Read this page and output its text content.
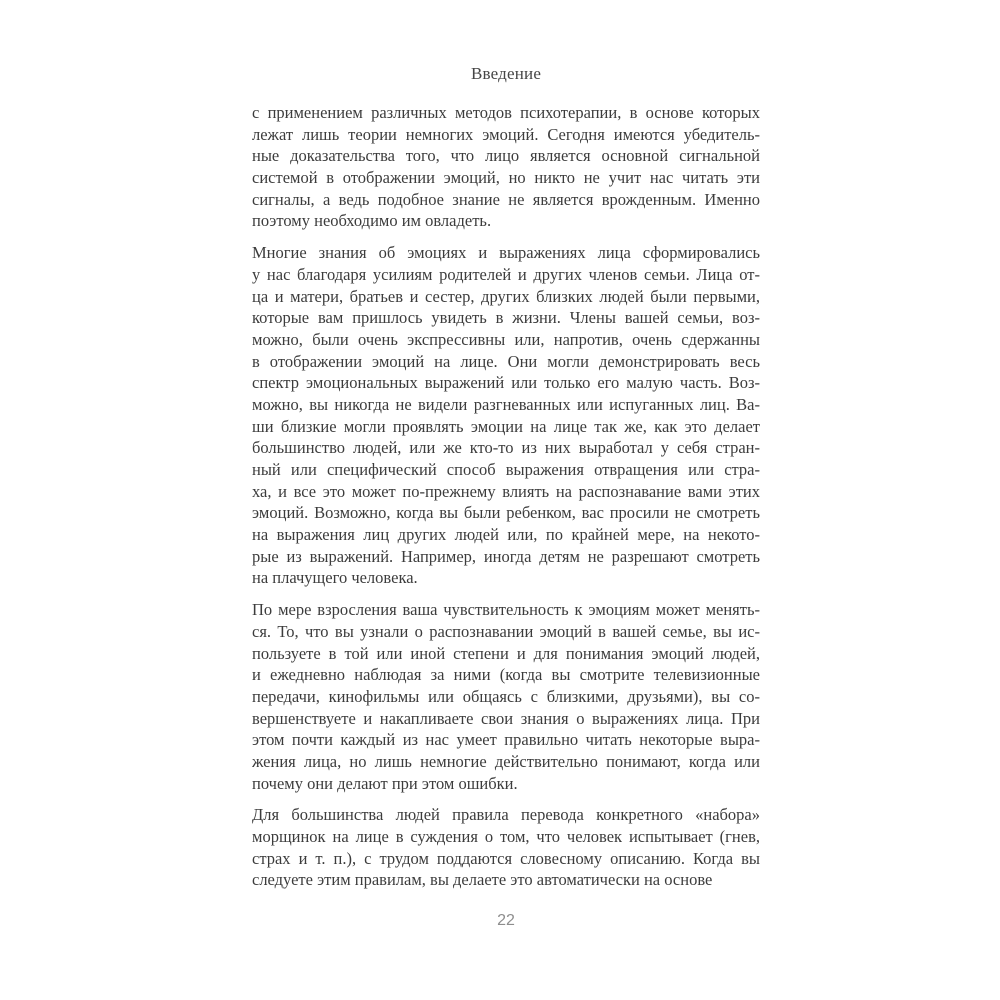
Введение
с применением различных методов психотерапии, в основе которых
лежат лишь теории немногих эмоций. Сегодня имеются убедитель-
ные доказательства того, что лицо является основной сигнальной
системой в отображении эмоций, но никто не учит нас читать эти
сигналы, а ведь подобное знание не является врожденным. Именно
поэтому необходимо им овладеть.
Многие знания об эмоциях и выражениях лица сформировались
у нас благодаря усилиям родителей и других членов семьи. Лица от-
ца и матери, братьев и сестер, других близких людей были первыми,
которые вам пришлось увидеть в жизни. Члены вашей семьи, воз-
можно, были очень экспрессивны или, напротив, очень сдержанны
в отображении эмоций на лице. Они могли демонстрировать весь
спектр эмоциональных выражений или только его малую часть. Воз-
можно, вы никогда не видели разгневанных или испуганных лиц. Ва-
ши близкие могли проявлять эмоции на лице так же, как это делает
большинство людей, или же кто-то из них выработал у себя стран-
ный или специфический способ выражения отвращения или стра-
ха, и все это может по-прежнему влиять на распознавание вами этих
эмоций. Возможно, когда вы были ребенком, вас просили не смотреть
на выражения лиц других людей или, по крайней мере, на некото-
рые из выражений. Например, иногда детям не разрешают смотреть
на плачущего человека.
По мере взросления ваша чувствительность к эмоциям может менять-
ся. То, что вы узнали о распознавании эмоций в вашей семье, вы ис-
пользуете в той или иной степени и для понимания эмоций людей,
и ежедневно наблюдая за ними (когда вы смотрите телевизионные
передачи, кинофильмы или общаясь с близкими, друзьями), вы со-
вершенствуете и накапливаете свои знания о выражениях лица. При
этом почти каждый из нас умеет правильно читать некоторые выра-
жения лица, но лишь немногие действительно понимают, когда или
почему они делают при этом ошибки.
Для большинства людей правила перевода конкретного «набора»
морщинок на лице в суждения о том, что человек испытывает (гнев,
страх и т. п.), с трудом поддаются словесному описанию. Когда вы
следуете этим правилам, вы делаете это автоматически на основе
22
